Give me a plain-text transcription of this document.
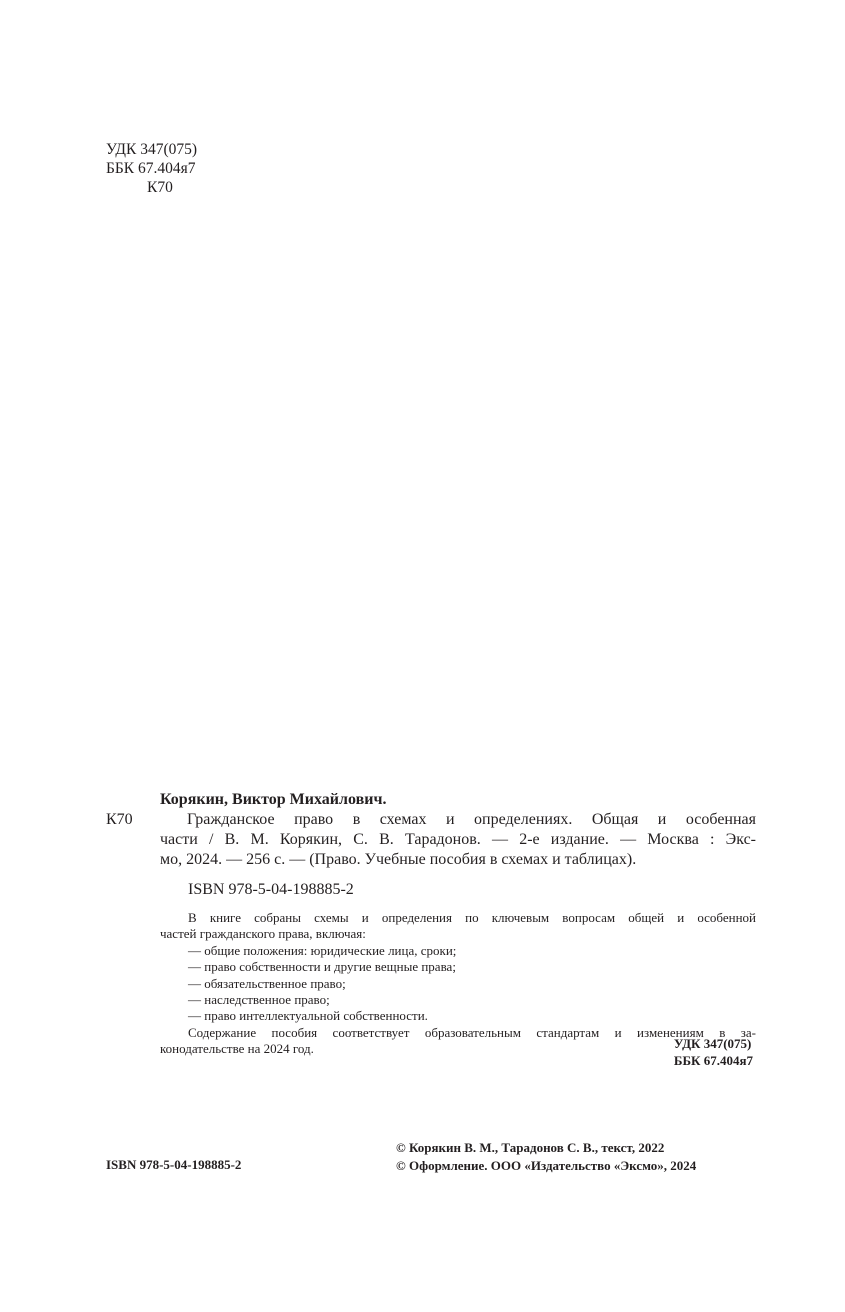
УДК 347(075)
ББК 67.404я7
К70
Корякин, Виктор Михайлович.
К70	Гражданское право в схемах и определениях. Общая и особенная
части / В. М. Корякин, С. В. Тарадонов. — 2-е издание. — Москва : Экс-
мо, 2024. — 256 с. — (Право. Учебные пособия в схемах и таблицах).
ISBN 978-5-04-198885-2
В книге собраны схемы и определения по ключевым вопросам общей и особенной
частей гражданского права, включая:
— общие положения: юридические лица, сроки;
— право собственности и другие вещные права;
— обязательственное право;
— наследственное право;
— право интеллектуальной собственности.
Содержание пособия соответствует образовательным стандартам и изменениям в за-
конодательстве на 2024 год.	УДК 347(075)
ББК 67.404я7
© Корякин В. М., Тарадонов С. В., текст, 2022
© Оформление. ООО «Издательство «Эксмо», 2024
ISBN 978-5-04-198885-2
